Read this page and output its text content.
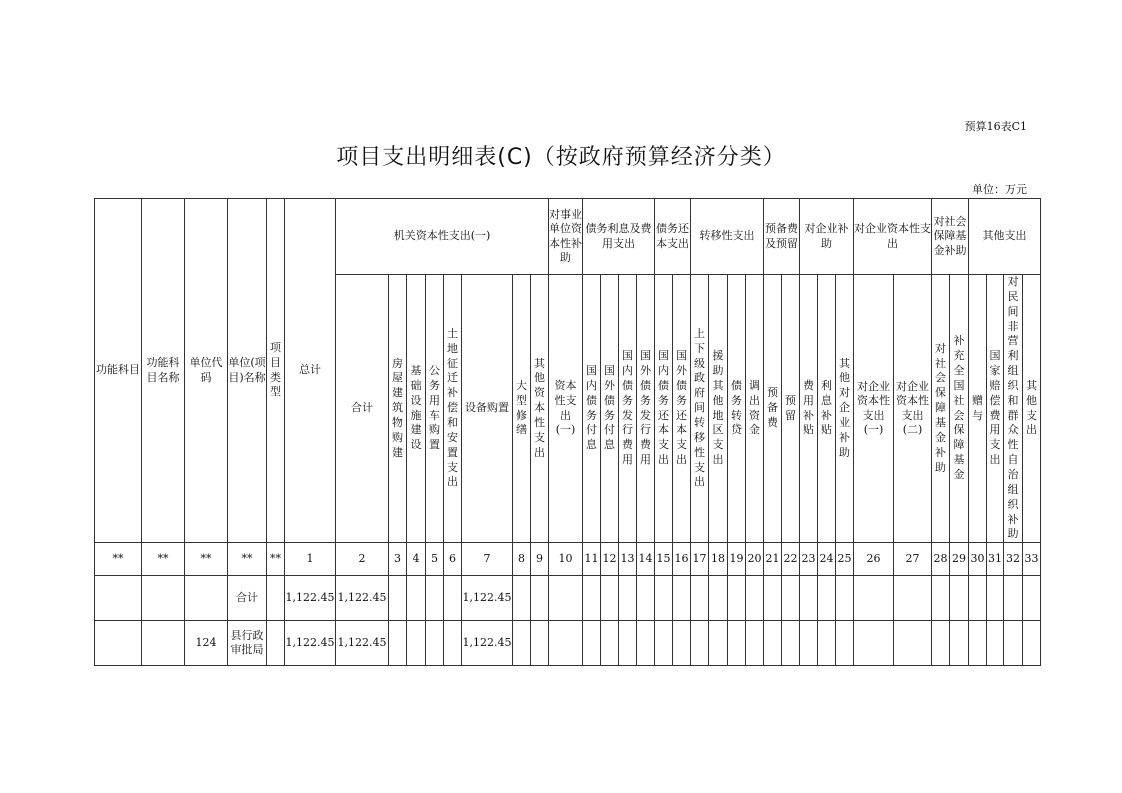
预算16表C1
项目支出明细表(C)（按政府预算经济分类）
单位：万元
功能科目	功能科目名称	单位代码	单位(项目)名称	项目类型	总计	机关资本性支出(一)								对事业单位资本性补助	债务利息及费用支出				债务还本支出		转移性支出				预备费及预留		对企业补助			对企业资本性支出		对社会保障基金补助		其他支出			
						合计	房屋建筑物购建	基础设施建设	公务用车购置	土地征迁补偿和安置支出	设备购置	大型修缮	其他资本性支出	资本性支出(一)	国内债务付息	国外债务付息	国内债务发行费用	国外债务发行费用	国内债务还本支出	国外债务还本支出	上下级政府间转移性支出	援助其他地区支出	债务转贷	调出资金	预备费	预留	费用补贴	利息补贴	其他对企业补助	对企业资本性支出(一)	对企业资本性支出(二)	对社会保障基金补助	补充全国社会保障基金	赠与	国家赔偿费用支出	对民间非营利组织和群众性自治组织补助	其他支出
**	**	**	**	**	1	2	3	4	5	6	7	8	9	10	11	12	13	14	15	16	17	18	19	20	21	22	23	24	25	26	27	28	29	30	31	32	33
			合计		1,122.45	1,122.45					1,122.45																										
		124	县行政审批局		1,122.45	1,122.45					1,122.45																										
